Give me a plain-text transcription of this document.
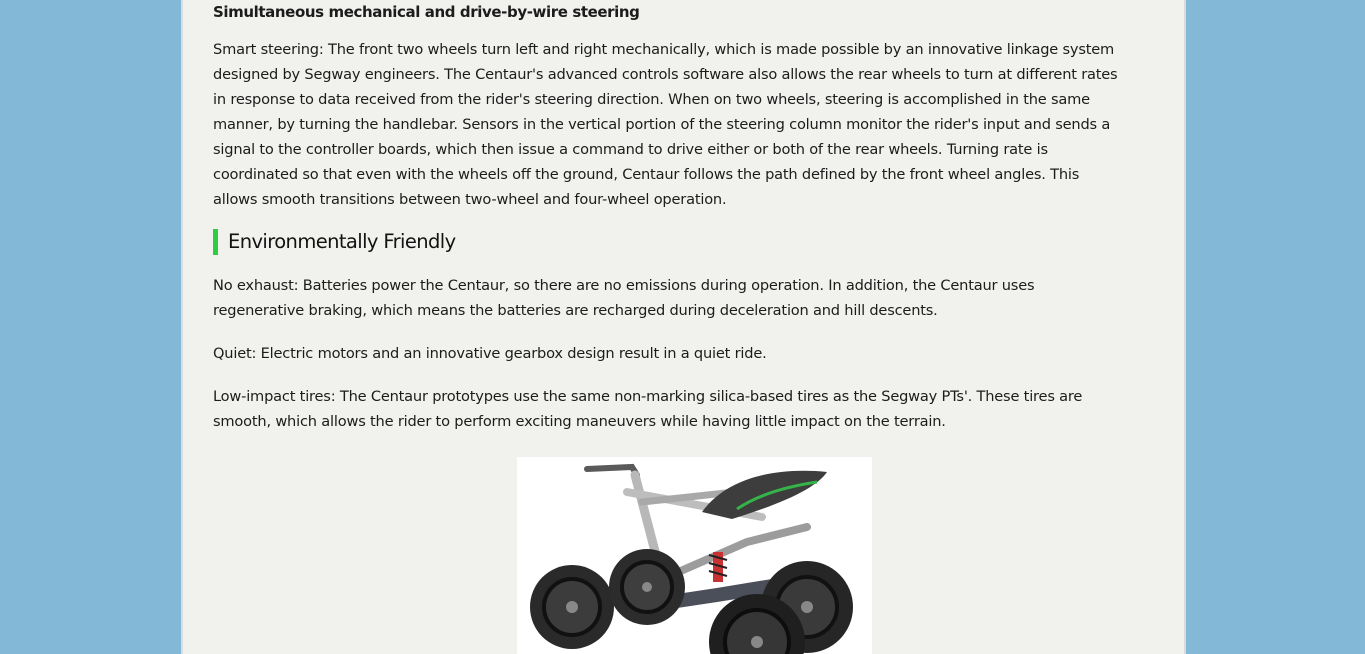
Simultaneous mechanical and drive-by-wire steering

Smart steering: The front two wheels turn left and right mechanically, which is made possible by an innovative linkage system designed by Segway engineers. The Centaur's advanced controls software also allows the rear wheels to turn at different rates in response to data received from the rider's steering direction. When on two wheels, steering is accomplished in the same manner, by turning the handlebar. Sensors in the vertical portion of the steering column monitor the rider's input and sends a signal to the controller boards, which then issue a command to drive either or both of the rear wheels. Turning rate is coordinated so that even with the wheels off the ground, Centaur follows the path defined by the front wheel angles. This allows smooth transitions between two-wheel and four-wheel operation.

Environmentally Friendly

No exhaust: Batteries power the Centaur, so there are no emissions during operation. In addition, the Centaur uses regenerative braking, which means the batteries are recharged during deceleration and hill descents.

Quiet: Electric motors and an innovative gearbox design result in a quiet ride.

Low-impact tires: The Centaur prototypes use the same non-marking silica-based tires as the Segway PTs'. These tires are smooth, which allows the rider to perform exciting maneuvers while having little impact on the terrain.
